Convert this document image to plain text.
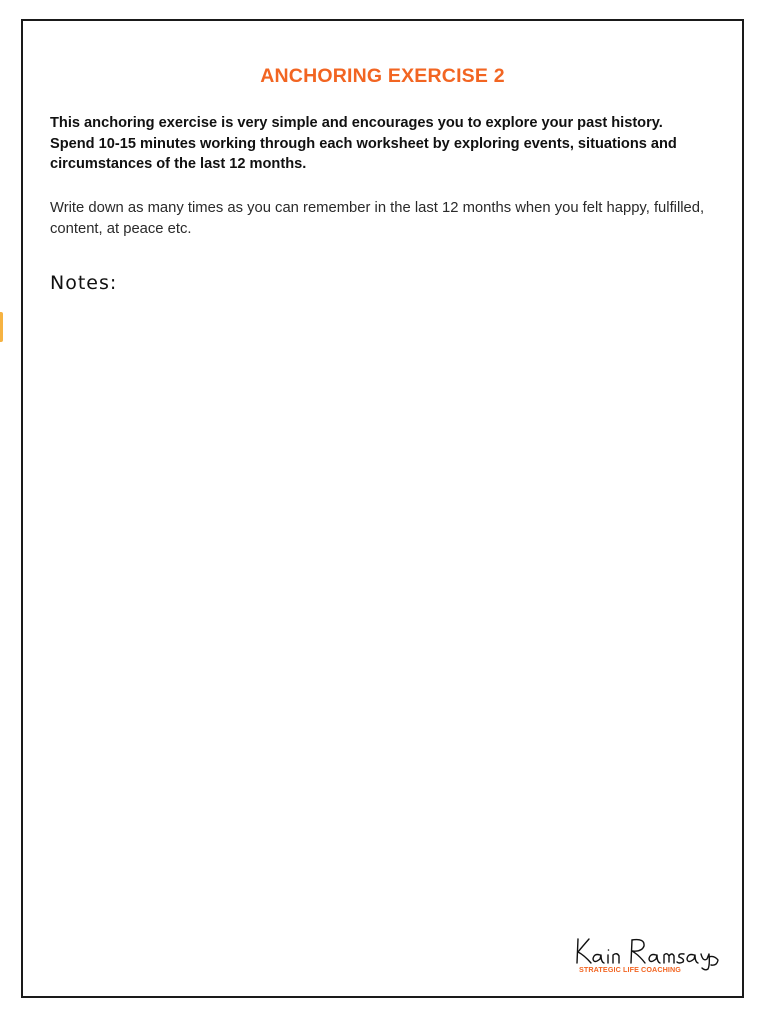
ANCHORING EXERCISE 2

This anchoring exercise is very simple and encourages you to explore your past history. Spend 10-15 minutes working through each worksheet by exploring events, situations and circumstances of the last 12 months.

Write down as many times as you can remember in the last 12 months when you felt happy, fulfilled, content, at peace etc.

Notes:
STRATEGIC LIFE COACHING
